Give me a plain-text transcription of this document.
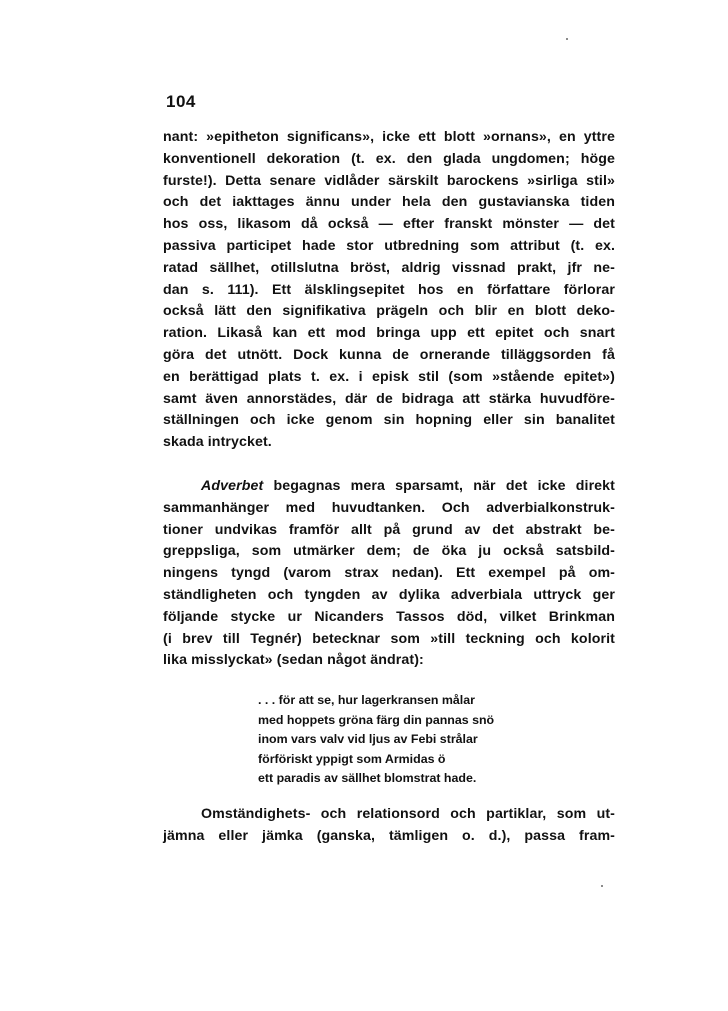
104
nant: »epitheton significans», icke ett blott »ornans», en yttre
konventionell dekoration (t. ex. den glada ungdomen; höge
furste!). Detta senare vidlåder särskilt barockens »sirliga stil»
och det iakttages ännu under hela den gustavianska tiden
hos oss, likasom då också — efter franskt mönster — det
passiva participet hade stor utbredning som attribut (t. ex.
ratad sällhet, otillslutna bröst, aldrig vissnad prakt, jfr ne-
dan s. 111). Ett älsklingsepitet hos en författare förlorar
också lätt den signifikativa prägeln och blir en blott deko-
ration. Likaså kan ett mod bringa upp ett epitet och snart
göra det utnött. Dock kunna de ornerande tilläggsorden få
en berättigad plats t. ex. i episk stil (som »stående epitet»)
samt även annorstädes, där de bidraga att stärka huvudföre-
ställningen och icke genom sin hopning eller sin banalitet
skada intrycket.
Adverbet begagnas mera sparsamt, när det icke direkt
sammanhänger med huvudtanken. Och adverbialkonstruk-
tioner undvikas framför allt på grund av det abstrakt be-
greppsliga, som utmärker dem; de öka ju också satsbild-
ningens tyngd (varom strax nedan). Ett exempel på om-
ständligheten och tyngden av dylika adverbiala uttryck ger
följande stycke ur Nicanders Tassos död, vilket Brinkman
(i brev till Tegnér) betecknar som »till teckning och kolorit
lika misslyckat» (sedan något ändrat):
. . . för att se, hur lagerkransen målar
med hoppets gröna färg din pannas snö
inom vars valv vid ljus av Febi strålar
förföriskt yppigt som Armidas ö
ett paradis av sällhet blomstrat hade.
Omständighets- och relationsord och partiklar, som ut-
jämna eller jämka (ganska, tämligen o. d.), passa fram-
